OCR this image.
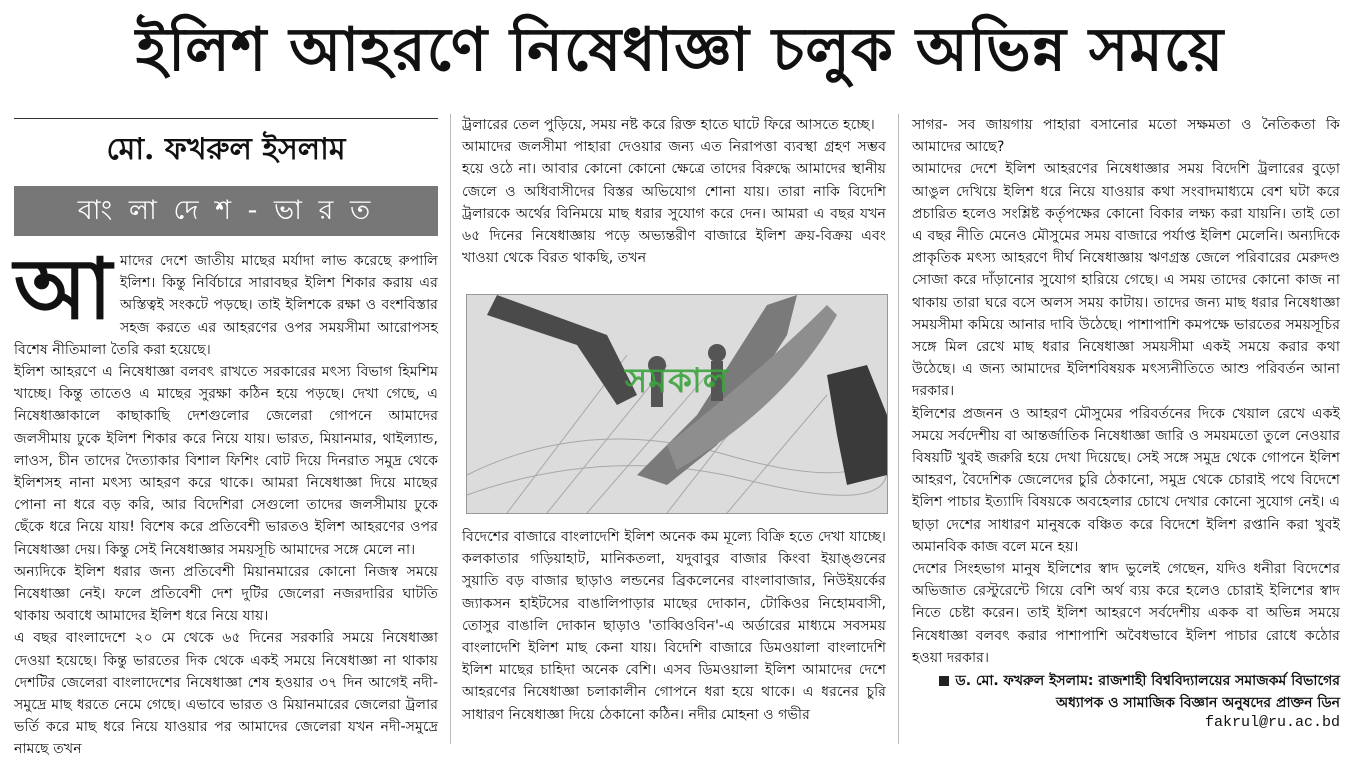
ইলিশ আহরণে নিষেধাজ্ঞা চলুক অভিন্ন সময়ে
মো. ফখরুল ইসলাম
বাং লা দে শ - ভা র ত
আ মাদের দেশে জাতীয় মাছের মর্যাদা লাভ করেছে রুপালি ইলিশ। কিন্তু নির্বিচারে সারাবছর ইলিশ শিকার করায় এর অস্তিত্বই সংকটে পড়ছে। তাই ইলিশকে রক্ষা ও বংশবিস্তার সহজ করতে এর আহরণের ওপর সময়সীমা আরোপসহ বিশেষ নীতিমালা তৈরি করা হয়েছে।

ইলিশ আহরণে এ নিষেধাজ্ঞা বলবৎ রাখতে সরকারের মৎস্য বিভাগ হিমশিম খাচ্ছে। কিন্তু তাতেও এ মাছের সুরক্ষা কঠিন হয়ে পড়ছে। দেখা গেছে, এ নিষেধাজ্ঞাকালে কাছাকাছি দেশগুলোর জেলেরা গোপনে আমাদের জলসীমায় ঢুকে ইলিশ শিকার করে নিয়ে যায়। ভারত, মিয়ানমার, থাইল্যান্ড, লাওস, চীন তাদের দৈত্যাকার বিশাল ফিশিং বোট দিয়ে দিনরাত সমুদ্র থেকে ইলিশসহ নানা মৎস্য আহরণ করে থাকে। আমরা নিষেধাজ্ঞা দিয়ে মাছের পোনা না ধরে বড় করি, আর বিদেশিরা সেগুলো তাদের জলসীমায় ঢুকে ছেঁকে ধরে নিয়ে যায়! বিশেষ করে প্রতিবেশী ভারতও ইলিশ আহরণের ওপর নিষেধাজ্ঞা দেয়। কিন্তু সেই নিষেধাজ্ঞার সময়সূচি আমাদের সঙ্গে মেলে না।

অন্যদিকে ইলিশ ধরার জন্য প্রতিবেশী মিয়ানমারের কোনো নিজস্ব সময়ে নিষেধাজ্ঞা নেই। ফলে প্রতিবেশী দেশ দুটির জেলেরা নজরদারির ঘাটতি থাকায় অবাধে আমাদের ইলিশ ধরে নিয়ে যায়।

এ বছর বাংলাদেশে ২০ মে থেকে ৬৫ দিনের সরকারি সময়ে নিষেধাজ্ঞা দেওয়া হয়েছে। কিন্তু ভারতের দিক থেকে একই সময়ে নিষেধাজ্ঞা না থাকায় দেশটির জেলেরা বাংলাদেশের নিষেধাজ্ঞা শেষ হওয়ার ৩৭ দিন আগেই নদী-সমুদ্রে মাছ ধরতে নেমে গেছে। এভাবে ভারত ও মিয়ানমারের জেলেরা ট্রলার ভর্তি করে মাছ ধরে নিয়ে যাওয়ার পর আমাদের জেলেরা যখন নদী-সমুদ্রে নামছে তখন

ট্রলারের তেল পুড়িয়ে, সময় নষ্ট করে রিক্ত হাতে ঘাটে ফিরে আসতে হচ্ছে।

আমাদের জলসীমা পাহারা দেওয়ার জন্য এত নিরাপত্তা ব্যবস্থা গ্রহণ সম্ভব হয়ে ওঠে না। আবার কোনো কোনো ক্ষেত্রে তাদের বিরুদ্ধে আমাদের স্থানীয় জেলে ও অধিবাসীদের বিস্তর অভিযোগ শোনা যায়। তারা নাকি বিদেশি ট্রলারকে অর্থের বিনিময়ে মাছ ধরার সুযোগ করে দেন। আমরা এ বছর যখন ৬৫ দিনের নিষেধাজ্ঞায় পড়ে অভ্যন্তরীণ বাজারে ইলিশ ক্রয়-বিক্রয় এবং খাওয়া থেকে বিরত থাকছি, তখন

সমকাল

বিদেশের বাজারে বাংলাদেশি ইলিশ অনেক কম মূল্যে বিক্রি হতে দেখা যাচ্ছে। কলকাতার গড়িয়াহাট, মানিকতলা, যদুবাবুর বাজার কিংবা ইয়াঙ্গুনের সুয়াতি বড় বাজার ছাড়াও লন্ডনের ব্রিকলেনের বাংলাবাজার, নিউইয়র্কের জ্যাকসন হাইটসের বাঙালিপাড়ার মাছের দোকান, টোকিওর নিহোমবাসী, তোসুর বাঙালি দোকান ছাড়াও 'তাব্বিওবিন'-এ অর্ডারের মাধ্যমে সবসময় বাংলাদেশি ইলিশ মাছ কেনা যায়। বিদেশি বাজারে ডিমওয়ালা বাংলাদেশি ইলিশ মাছের চাহিদা অনেক বেশি। এসব ডিমওয়ালা ইলিশ আমাদের দেশে আহরণের নিষেধাজ্ঞা চলাকালীন গোপনে ধরা হয়ে থাকে। এ ধরনের চুরি সাধারণ নিষেধাজ্ঞা দিয়ে ঠেকানো কঠিন। নদীর মোহনা ও গভীর

সাগর- সব জায়গায় পাহারা বসানোর মতো সক্ষমতা ও নৈতিকতা কি আমাদের আছে?

আমাদের দেশে ইলিশ আহরণের নিষেধাজ্ঞার সময় বিদেশি ট্রলারের বুড়ো আঙুল দেখিয়ে ইলিশ ধরে নিয়ে যাওয়ার কথা সংবাদমাধ্যমে বেশ ঘটা করে প্রচারিত হলেও সংশ্লিষ্ট কর্তৃপক্ষের কোনো বিকার লক্ষ্য করা যায়নি। তাই তো এ বছর নীতি মেনেও মৌসুমের সময় বাজারে পর্যাপ্ত ইলিশ মেলেনি। অন্যদিকে প্রাকৃতিক মৎস্য আহরণে দীর্ঘ নিষেধাজ্ঞায় ঋণগ্রস্ত জেলে পরিবারের মেরুদণ্ড সোজা করে দাঁড়ানোর সুযোগ হারিয়ে গেছে। এ সময় তাদের কোনো কাজ না থাকায় তারা ঘরে বসে অলস সময় কাটায়। তাদের জন্য মাছ ধরার নিষেধাজ্ঞা সময়সীমা কমিয়ে আনার দাবি উঠেছে। পাশাপাশি কমপক্ষে ভারতের সময়সূচির সঙ্গে মিল রেখে মাছ ধরার নিষেধাজ্ঞা সময়সীমা একই সময়ে করার কথা উঠেছে। এ জন্য আমাদের ইলিশবিষয়ক মৎস্যনীতিতে আশু পরিবর্তন আনা দরকার।

ইলিশের প্রজনন ও আহরণ মৌসুমের পরিবর্তনের দিকে খেয়াল রেখে একই সময়ে সর্বদেশীয় বা আন্তর্জাতিক নিষেধাজ্ঞা জারি ও সময়মতো তুলে নেওয়ার বিষয়টি খুবই জরুরি হয়ে দেখা দিয়েছে। সেই সঙ্গে সমুদ্র থেকে গোপনে ইলিশ আহরণ, বৈদেশিক জেলেদের চুরি ঠেকানো, সমুদ্র থেকে চোরাই পথে বিদেশে ইলিশ পাচার ইত্যাদি বিষয়কে অবহেলার চোখে দেখার কোনো সুযোগ নেই। এ ছাড়া দেশের সাধারণ মানুষকে বঞ্চিত করে বিদেশে ইলিশ রপ্তানি করা খুবই অমানবিক কাজ বলে মনে হয়।

দেশের সিংহভাগ মানুষ ইলিশের স্বাদ ভুলেই গেছেন, যদিও ধনীরা বিদেশের অভিজাত রেস্টুরেন্টে গিয়ে বেশি অর্থ ব্যয় করে হলেও চোরাই ইলিশের স্বাদ নিতে চেষ্টা করেন। তাই ইলিশ আহরণে সর্বদেশীয় একক বা অভিন্ন সময়ে নিষেধাজ্ঞা বলবৎ করার পাশাপাশি অবৈধভাবে ইলিশ পাচার রোধে কঠোর হওয়া দরকার।

ড. মো. ফখরুল ইসলাম: রাজশাহী বিশ্ববিদ্যালয়ের সমাজকর্ম বিভাগের অধ্যাপক ও সামাজিক বিজ্ঞান অনুষদের প্রাক্তন ডিন
fakrul@ru.ac.bd
